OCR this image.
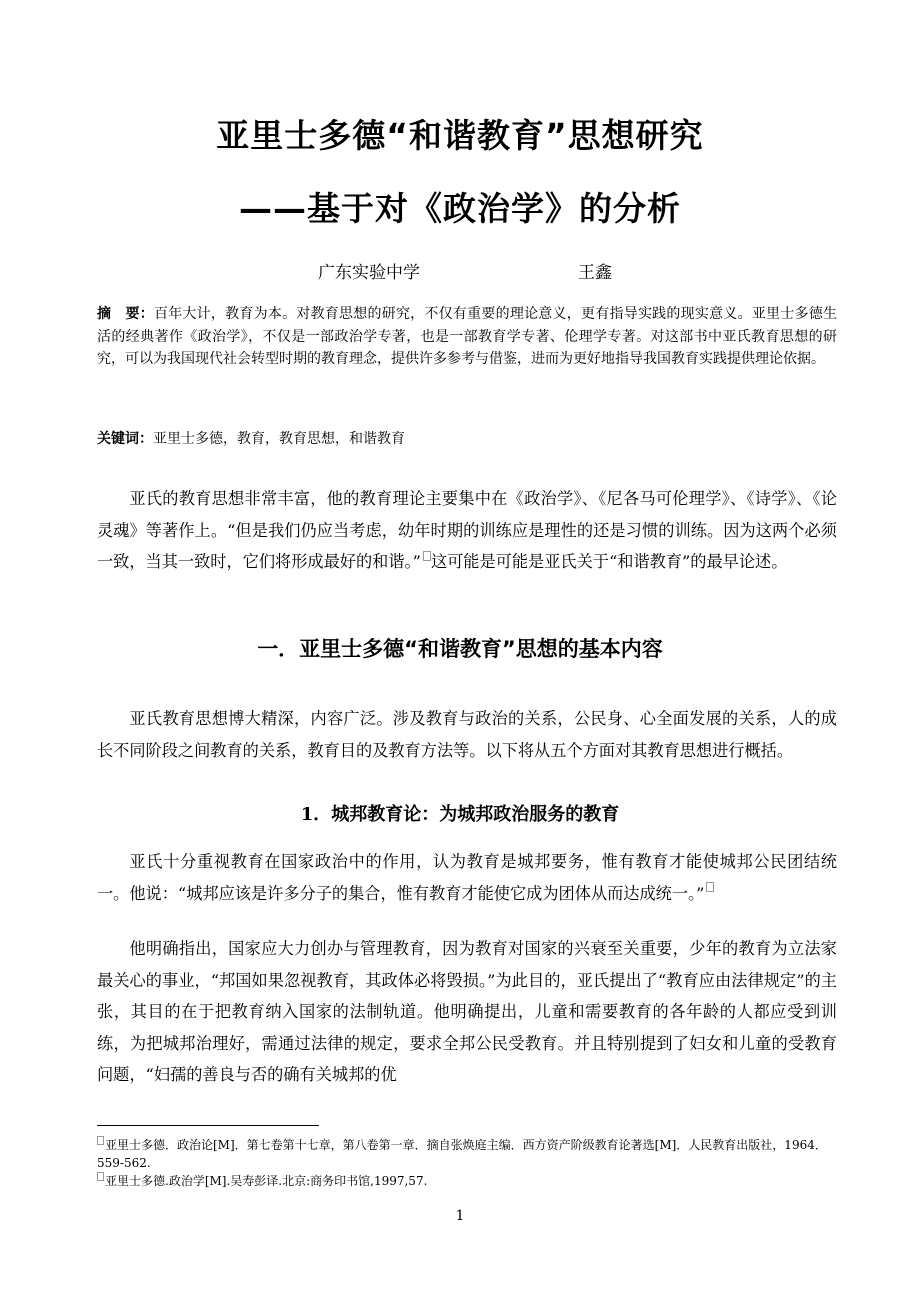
亚里士多德“和谐教育”思想研究
——基于对《政治学》的分析
广东实验中学	王鑫

摘　要：百年大计，教育为本。对教育思想的研究，不仅有重要的理论意义，更有指导实践的现实意义。亚里士多德生活的经典著作《政治学》，不仅是一部政治学专著，也是一部教育学专著、伦理学专著。对这部书中亚氏教育思想的研究，可以为我国现代社会转型时期的教育理念，提供许多参考与借鉴，进而为更好地指导我国教育实践提供理论依据。

关键词：亚里士多德，教育，教育思想，和谐教育

亚氏的教育思想非常丰富，他的教育理论主要集中在《政治学》、《尼各马可伦理学》、《诗学》、《论灵魂》等著作上。“但是我们仍应当考虑，幼年时期的训练应是理性的还是习惯的训练。因为这两个必须一致，当其一致时，它们将形成最好的和谐。” 这可能是可能是亚氏关于“和谐教育”的最早论述。

一．亚里士多德“和谐教育”思想的基本内容

亚氏教育思想博大精深，内容广泛。涉及教育与政治的关系，公民身、心全面发展的关系，人的成长不同阶段之间教育的关系，教育目的及教育方法等。以下将从五个方面对其教育思想进行概括。

1．城邦教育论：为城邦政治服务的教育

亚氏十分重视教育在国家政治中的作用，认为教育是城邦要务，惟有教育才能使城邦公民团结统一。他说：“城邦应该是许多分子的集合，惟有教育才能使它成为团体从而达成统一。”

他明确指出，国家应大力创办与管理教育，因为教育对国家的兴衰至关重要，少年的教育为立法家最关心的事业，“邦国如果忽视教育，其政体必将毁损。”为此目的，亚氏提出了“教育应由法律规定”的主张，其目的在于把教育纳入国家的法制轨道。他明确提出，儿童和需要教育的各年龄的人都应受到训练，为把城邦治理好，需通过法律的规定，要求全邦公民受教育。并且特别提到了妇女和儿童的受教育问题，“妇孺的善良与否的确有关城邦的优

亚里士多德．政治论[M]．第七卷第十七章，第八卷第一章．摘自张焕庭主编．西方资产阶级教育论著选[M]．人民教育出版社，1964．559-562.

亚里士多德.政治学[M].吴寿彭译.北京:商务印书馆,1997,57.

1
